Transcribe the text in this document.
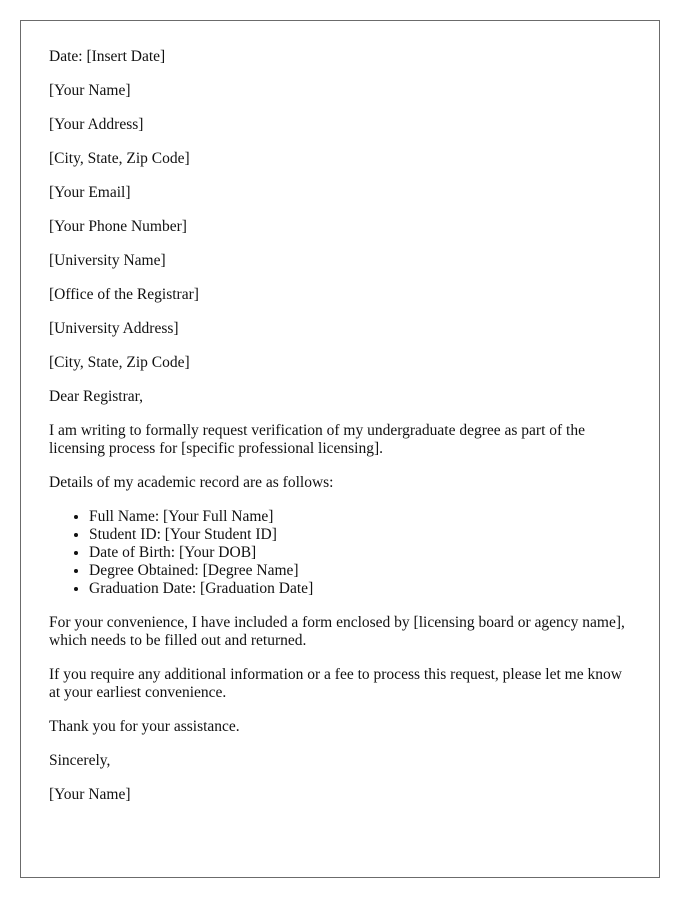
Date: [Insert Date]

[Your Name]

[Your Address]

[City, State, Zip Code]

[Your Email]

[Your Phone Number]

[University Name]

[Office of the Registrar]

[University Address]

[City, State, Zip Code]

Dear Registrar,

I am writing to formally request verification of my undergraduate degree as part of the licensing process for [specific professional licensing].

Details of my academic record are as follows:

• Full Name: [Your Full Name]
• Student ID: [Your Student ID]
• Date of Birth: [Your DOB]
• Degree Obtained: [Degree Name]
• Graduation Date: [Graduation Date]

For your convenience, I have included a form enclosed by [licensing board or agency name], which needs to be filled out and returned.

If you require any additional information or a fee to process this request, please let me know at your earliest convenience.

Thank you for your assistance.

Sincerely,

[Your Name]
